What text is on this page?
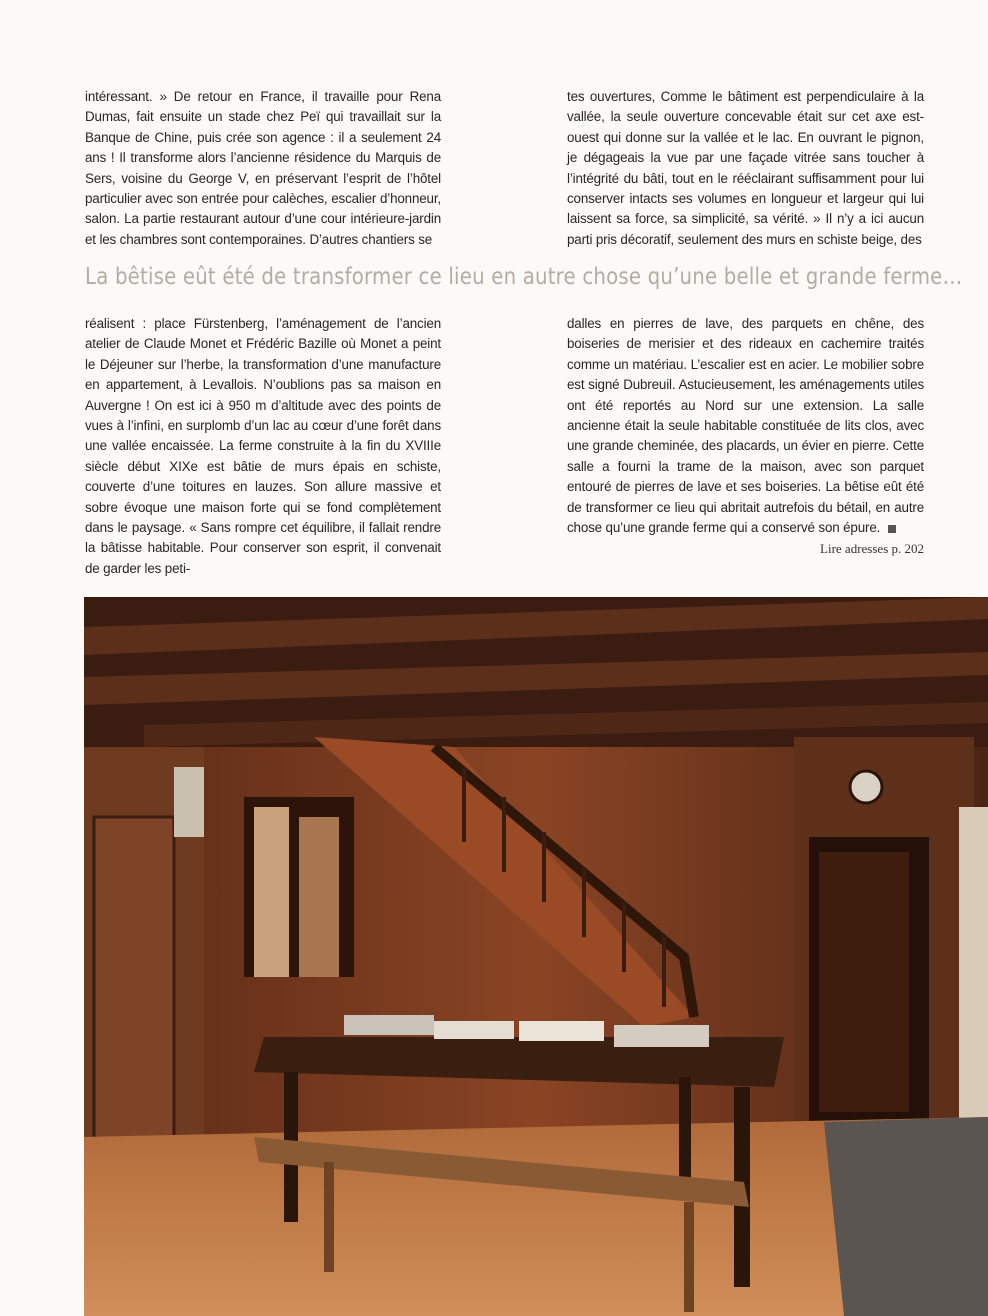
intéressant. » De retour en France, il travaille pour Rena Dumas, fait ensuite un stade chez Peï qui travaillait sur la Banque de Chine, puis crée son agence : il a seulement 24 ans ! Il transforme alors l’ancienne résidence du Marquis de Sers, voisine du George V, en préservant l’esprit de l’hôtel particulier avec son entrée pour calèches, escalier d’honneur, salon. La partie restaurant autour d’une cour intérieure-jardin et les chambres sont contemporaines. D’autres chantiers se

tes ouvertures, Comme le bâtiment est perpendiculaire à la vallée, la seule ouverture concevable était sur cet axe est-ouest qui donne sur la vallée et le lac. En ouvrant le pignon, je dégageais la vue par une façade vitrée sans toucher à l’intégrité du bâti, tout en le rééclairant suffisamment pour lui conserver intacts ses volumes en longueur et largeur qui lui laissent sa force, sa simplicité, sa vérité. » Il n’y a ici aucun parti pris décoratif, seulement des murs en schiste beige, des

La bêtise eût été de transformer ce lieu en autre chose qu’une belle et grande ferme…

réalisent : place Fürstenberg, l’aménagement de l’ancien atelier de Claude Monet et Frédéric Bazille où Monet a peint le Déjeuner sur l’herbe, la transformation d’une manufacture en appartement, à Levallois. N’oublions pas sa maison en Auvergne ! On est ici à 950 m d’altitude avec des points de vues à l’infini, en surplomb d’un lac au cœur d’une forêt dans une vallée encaissée. La ferme construite à la fin du XVIIIe siècle début XIXe est bâtie de murs épais en schiste, couverte d’une toitures en lauzes. Son allure massive et sobre évoque une maison forte qui se fond complètement dans le paysage. « Sans rompre cet équilibre, il fallait rendre la bâtisse habitable. Pour conserver son esprit, il convenait de garder les peti-

dalles en pierres de lave, des parquets en chêne, des boiseries de merisier et des rideaux en cachemire traités comme un matériau. L’escalier est en acier. Le mobilier sobre est signé Dubreuil. Astucieusement, les aménagements utiles ont été reportés au Nord sur une extension. La salle ancienne était la seule habitable constituée de lits clos, avec une grande cheminée, des placards, un évier en pierre. Cette salle a fourni la trame de la maison, avec son parquet entouré de pierres de lave et ses boiseries. La bêtise eût été de transformer ce lieu qui abritait autrefois du bétail, en autre chose qu’une grande ferme qui a conservé son épure.

Lire adresses p. 202
